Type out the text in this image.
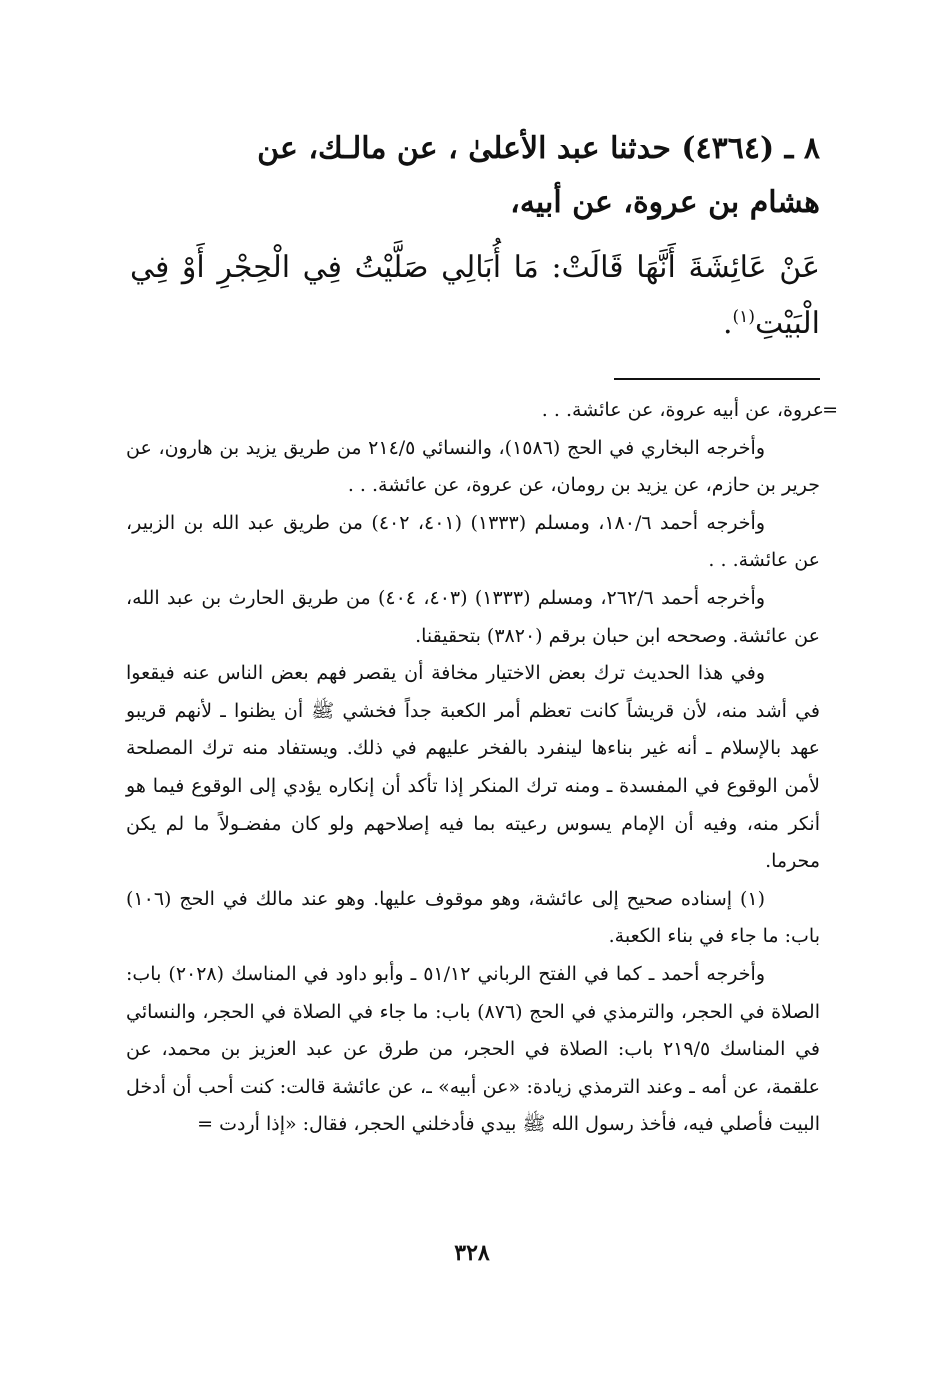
٨ ـ (٤٣٦٤) حدثنا عبد الأعلىٰ ، عن مالـك، عن

هشام بن عروة، عن أبيه،

عَنْ عَائِشَةَ أَنَّهَا قَالَتْ: مَا أُبَالِي صَلَّيْتُ فِي الْحِجْرِ أَوْ فِي الْبَيْتِ$^{(١)}$.

=عروة، عن أبيه عروة، عن عائشة. . .

وأخرجه البخاري في الحج (١٥٨٦)، والنسائي ٢١٤/٥ من طريق يزيد بن هارون، عن جرير بن حازم، عن يزيد بن رومان، عن عروة، عن عائشة. . .

وأخرجه أحمد ١٨٠/٦، ومسلم (١٣٣٣) (٤٠١، ٤٠٢) من طريق عبد الله بن الزبير، عن عائشة. . .

وأخرجه أحمد ٢٦٢/٦، ومسلم (١٣٣٣) (٤٠٣، ٤٠٤) من طريق الحارث بن عبد الله، عن عائشة. وصححه ابن حبان برقم (٣٨٢٠) بتحقيقنا.

وفي هذا الحديث ترك بعض الاختيار مخافة أن يقصر فهم بعض الناس عنه فيقعوا في أشد منه، لأن قريشاً كانت تعظم أمر الكعبة جداً فخشي ﷺ أن يظنوا ـ لأنهم قريبو عهد بالإسلام ـ أنه غير بناءها لينفرد بالفخر عليهم في ذلك. ويستفاد منه ترك المصلحة لأمن الوقوع في المفسدة ـ ومنه ترك المنكر إذا تأكد أن إنكاره يؤدي إلى الوقوع فيما هو أنكر منه، وفيه أن الإمام يسوس رعيته بما فيه إصلاحهم ولو كان مفضـولاً ما لم يكن محرما.

(١) إسناده صحيح إلى عائشة، وهو موقوف عليها. وهو عند مالك في الحج (١٠٦) باب: ما جاء في بناء الكعبة.

وأخرجه أحمد ـ كما في الفتح الرباني ٥١/١٢ ـ وأبو داود في المناسك (٢٠٢٨) باب: الصلاة في الحجر، والترمذي في الحج (٨٧٦) باب: ما جاء في الصلاة في الحجر، والنسائي في المناسك ٢١٩/٥ باب: الصلاة في الحجر، من طرق عن عبد العزيز بن محمد، عن علقمة، عن أمه ـ وعند الترمذي زيادة: «عن أبيه» ـ، عن عائشة قالت: كنت أحب أن أدخل البيت فأصلي فيه، فأخذ رسول الله ﷺ بيدي فأدخلني الحجر، فقال: «إذا أردت =

٣٢٨
